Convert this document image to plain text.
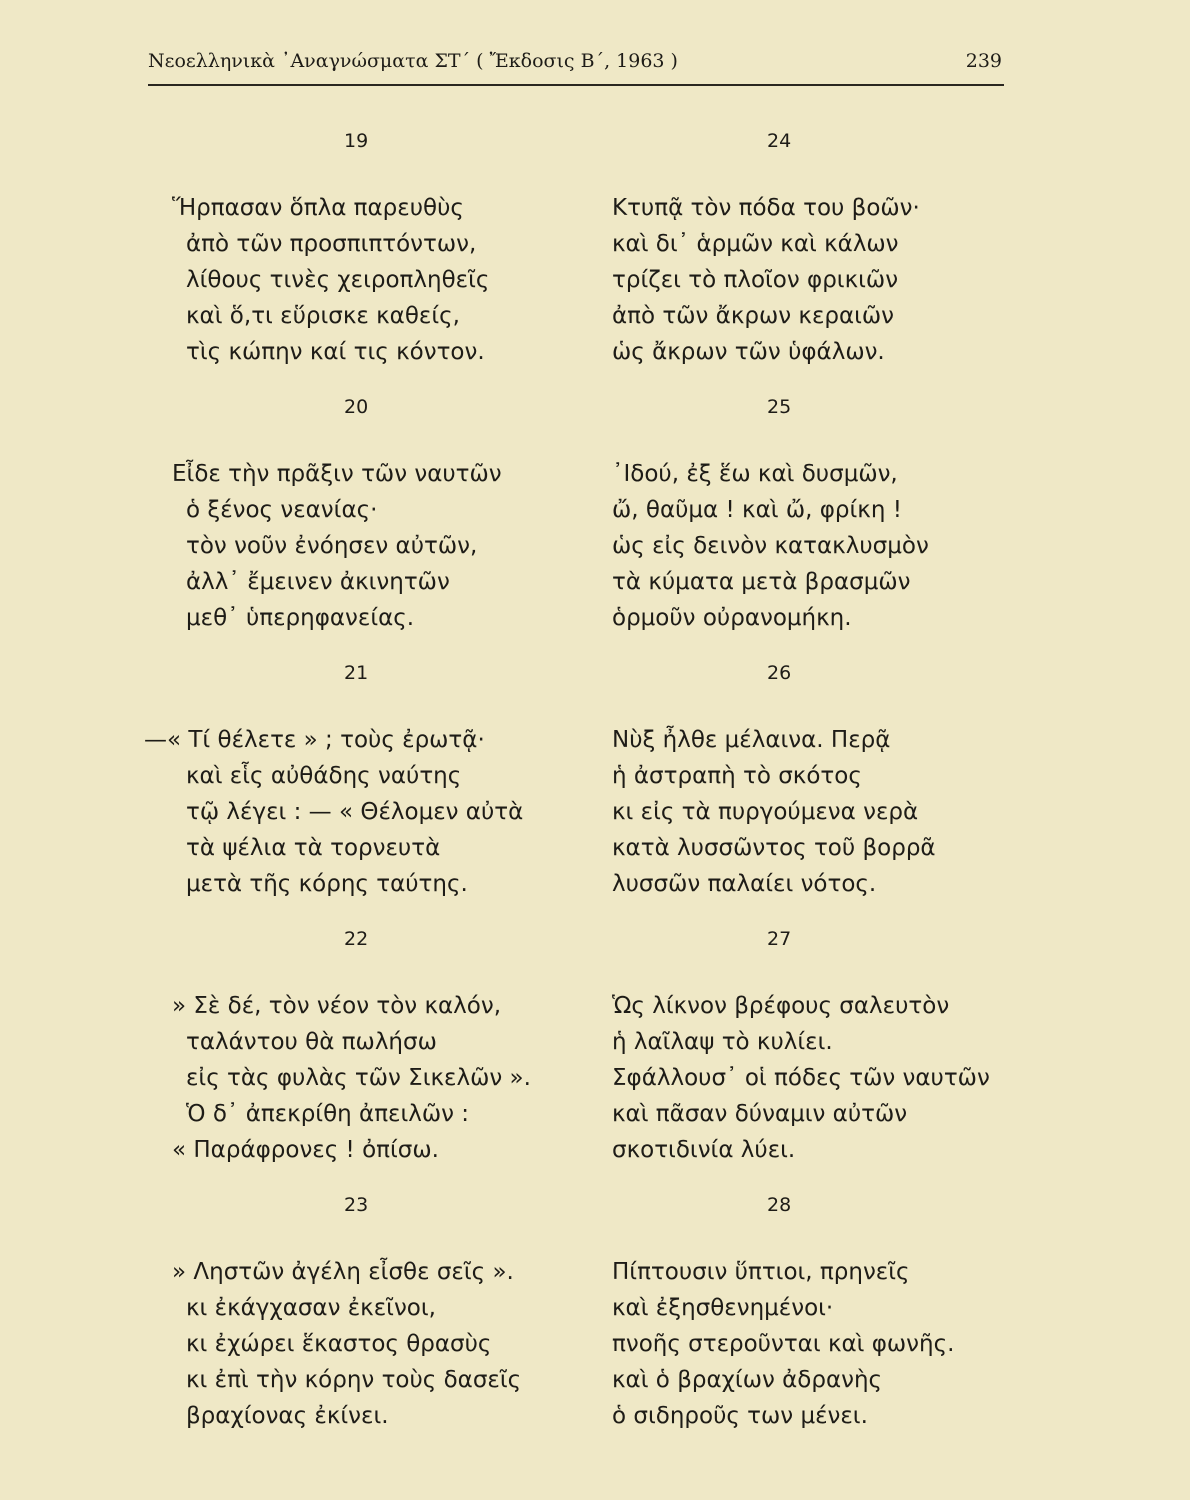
Νεοελληνικὰ ᾿Αναγνώσματα ΣΤ΄ ( Ἔκδοσις Β΄, 1963 )	239
19
Ἥρπασαν ὅπλα παρευθὺς
ἀπὸ τῶν προσπιπτόντων,
λίθους τινὲς χειροπληθεῖς
καὶ ὅ,τι εὕρισκε καθείς,
τὶς κώπην καί τις κόντον.
20
Εἶδε τὴν πρᾶξιν τῶν ναυτῶν
ὁ ξένος νεανίας·
τὸν νοῦν ἐνόησεν αὐτῶν,
ἀλλ᾿ ἔμεινεν ἀκινητῶν
μεθ᾿ ὑπερηφανείας.
21
—« Τί θέλετε » ; τοὺς ἐρωτᾷ·
καὶ εἷς αὐθάδης ναύτης
τῷ λέγει : — « Θέλομεν αὐτὰ
τὰ ψέλια τὰ τορνευτὰ
μετὰ τῆς κόρης ταύτης.
22
» Σὲ δέ, τὸν νέον τὸν καλόν,
ταλάντου θὰ πωλήσω
εἰς τὰς φυλὰς τῶν Σικελῶν ».
Ὁ δ᾿ ἀπεκρίθη ἀπειλῶν :
« Παράφρονες ! ὀπίσω.
23
» Ληστῶν ἀγέλη εἶσθε σεῖς ».
κι ἐκάγχασαν ἐκεῖνοι,
κι ἐχώρει ἕκαστος θρασὺς
κι ἐπὶ τὴν κόρην τοὺς δασεῖς
βραχίονας ἐκίνει.
24
Κτυπᾷ τὸν πόδα του βοῶν·
καὶ δι᾿ ἁρμῶν καὶ κάλων
τρίζει τὸ πλοῖον φρικιῶν
ἀπὸ τῶν ἄκρων κεραιῶν
ὡς ἄκρων τῶν ὑφάλων.
25
᾿Ιδού, ἐξ ἕω καὶ δυσμῶν,
ὤ, θαῦμα ! καὶ ὤ, φρίκη !
ὡς εἰς δεινὸν κατακλυσμὸν
τὰ κύματα μετὰ βρασμῶν
ὁρμοῦν οὐρανομήκη.
26
Νὺξ ἦλθε μέλαινα. Περᾷ
ἡ ἀστραπὴ τὸ σκότος
κι εἰς τὰ πυργούμενα νερὰ
κατὰ λυσσῶντος τοῦ βορρᾶ
λυσσῶν παλαίει νότος.
27
Ὡς λίκνον βρέφους σαλευτὸν
ἡ λαῖλαψ τὸ κυλίει.
Σφάλλουσ᾿ οἱ πόδες τῶν ναυτῶν
καὶ πᾶσαν δύναμιν αὐτῶν
σκοτιδινία λύει.
28
Πίπτουσιν ὕπτιοι, πρηνεῖς
καὶ ἐξησθενημένοι·
πνοῆς στεροῦνται καὶ φωνῆς.
καὶ ὁ βραχίων ἀδρανὴς
ὁ σιδηροῦς των μένει.
